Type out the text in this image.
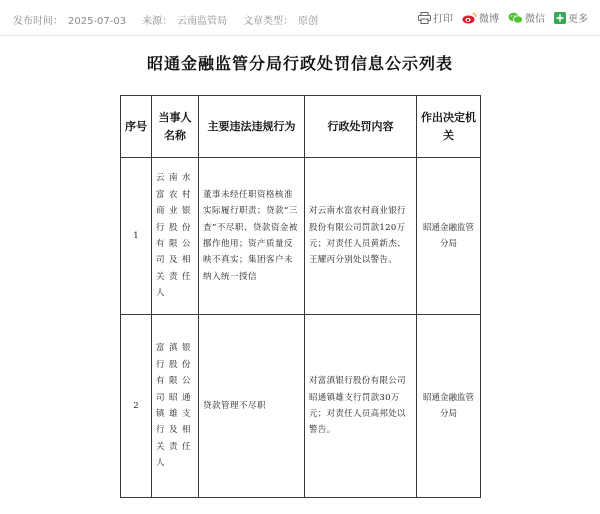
发布时间： 2025-07-03 来源： 云南监管局 文章类型： 原创	打印	微博	微信 更多
昭通金融监管分局行政处罚信息公示列表
序号	当事人名称	主要违法违规行为	行政处罚内容	作出决定机关
1	云南水富农村商业银行股份有限公司及相关责任人	董事未经任职资格核准实际履行职责；贷款“三查”不尽职、贷款资金被挪作他用；资产质量反映不真实；集团客户未纳入统一授信	对云南水富农村商业银行股份有限公司罚款120万元；对责任人员黄新杰、王耀丙分别处以警告。	昭通金融监管分局
2	富滇银行股份有限公司昭通镇雄支行及相关责任人	贷款管理不尽职	对富滇银行股份有限公司昭通镇雄支行罚款30万元；对责任人员高邦处以警告。	昭通金融监管分局
